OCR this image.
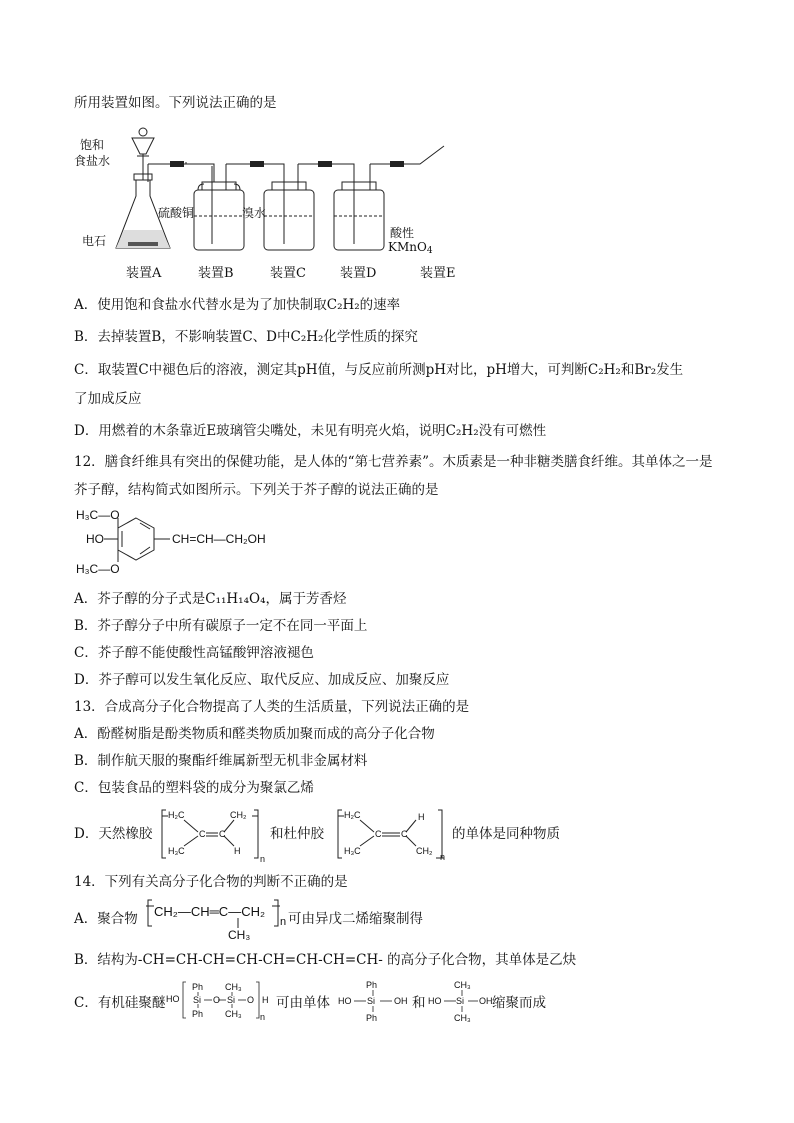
所用装置如图。下列说法正确的是
饱和
食盐水
电石
硫酸铜	溴水
酸性
KMnO$_4$
装置A	装置B	装置C	装置D	装置E
A．使用饱和食盐水代替水是为了加快制取C₂H₂的速率
B．去掉装置B，不影响装置C、D中C₂H₂化学性质的探究
C．取装置C中褪色后的溶液，测定其pH值，与反应前所测pH对比，pH增大，可判断C₂H₂和Br₂发生
了加成反应
D．用燃着的木条靠近E玻璃管尖嘴处，未见有明亮火焰，说明C₂H₂没有可燃性
12．膳食纤维具有突出的保健功能，是人体的“第七营养素”。木质素是一种非糖类膳食纤维。其单体之一是
芥子醇，结构简式如图所示。下列关于芥子醇的说法正确的是
H₃C—O
HO
H₃C—O
CH=CH—CH₂OH
A．芥子醇的分子式是C₁₁H₁₄O₄，属于芳香烃
B．芥子醇分子中所有碳原子一定不在同一平面上
C．芥子醇不能使酸性高锰酸钾溶液褪色
D．芥子醇可以发生氧化反应、取代反应、加成反应、加聚反应
13．合成高分子化合物提高了人类的生活质量，下列说法正确的是
A．酚醛树脂是酚类物质和醛类物质加聚而成的高分子化合物
B．制作航天服的聚酯纤维属新型无机非金属材料
C．包装食品的塑料袋的成分为聚氯乙烯
D．天然橡胶
H₂C	CH₂
C C
H₃C	H
n
和杜仲胶
H₂C	H
C C
H₃C	CH₂
n
的单体是同种物质
14．下列有关高分子化合物的判断不正确的是
A．聚合物 CH₂—CH═C—CH₂
CH₃
n 可由异戊二烯缩聚制得
B．结构为-CH=CH-CH=CH-CH=CH-CH=CH- 的高分子化合物，其单体是乙炔
C．有机硅聚醚 HO
Ph
Si
Ph
O
CH₃
Si
CH₃
O H
n
可由单体
Ph
HO Si OH
Ph
和
CH₃
HO Si OH
CH₃
缩聚而成
